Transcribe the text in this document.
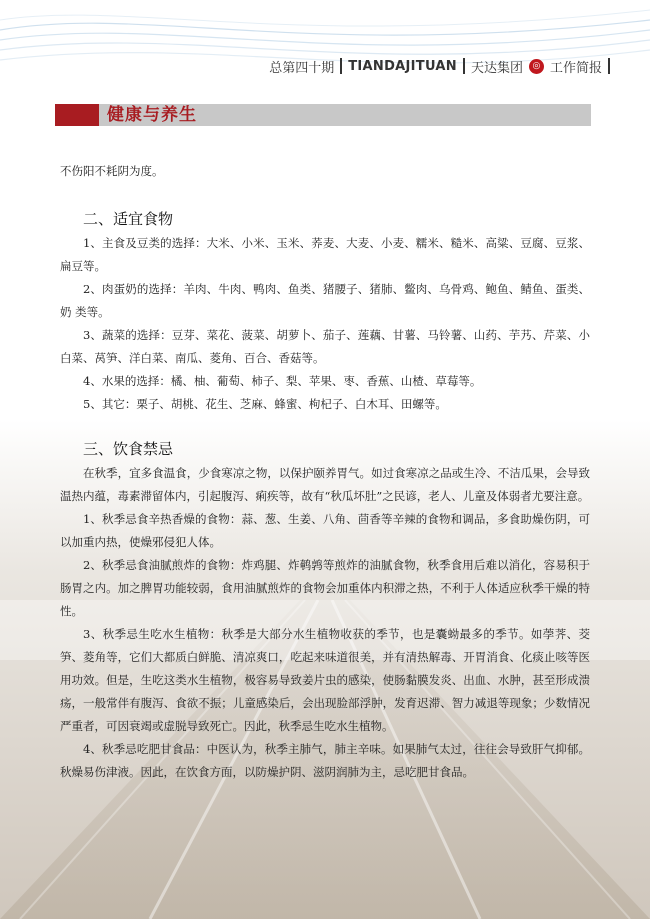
总第四十期 TIANDAJITUAN 天达集团	◎ 工作简报
健康与养生

不伤阳不耗阴为度。

二、适宜食物

1、主食及豆类的选择：大米、小米、玉米、荞麦、大麦、小麦、糯米、糙米、高粱、豆腐、豆浆、扁豆等。

2、肉蛋奶的选择：羊肉、牛肉、鸭肉、鱼类、猪腰子、猪肺、鳖肉、乌骨鸡、鲍鱼、鲭鱼、蛋类、奶 类等。

3、蔬菜的选择：豆芽、菜花、菠菜、胡萝卜、茄子、莲藕、甘薯、马铃薯、山药、芋艿、芹菜、小白菜、莴笋、洋白菜、南瓜、菱角、百合、香菇等。

4、水果的选择：橘、柚、葡萄、柿子、梨、苹果、枣、香蕉、山楂、草莓等。

5、其它：栗子、胡桃、花生、芝麻、蜂蜜、枸杞子、白木耳、田螺等。

三、饮食禁忌

在秋季，宜多食温食，少食寒凉之物，以保护颐养胃气。如过食寒凉之品或生冷、不洁瓜果，会导致温热内蕴，毒素滞留体内，引起腹泻、痢疾等，故有“秋瓜坏肚”之民谚，老人、儿童及体弱者尤要注意。

1、秋季忌食辛热香燥的食物：蒜、葱、生姜、八角、茴香等辛辣的食物和调品，多食助燥伤阴，可以加重内热，使燥邪侵犯人体。

2、秋季忌食油腻煎炸的食物：炸鸡腿、炸鹌鹑等煎炸的油腻食物，秋季食用后难以消化，容易积于肠胃之内。加之脾胃功能较弱，食用油腻煎炸的食物会加重体内积滞之热，不利于人体适应秋季干燥的特性。

3、秋季忌生吃水生植物：秋季是大部分水生植物收获的季节，也是囊蚴最多的季节。如荸荠、茭笋、菱角等，它们大都质白鲜脆、清凉爽口，吃起来味道很美，并有清热解毒、开胃消食、化痰止咳等医用功效。但是，生吃这类水生植物，极容易导致姜片虫的感染，使肠黏膜发炎、出血、水肿，甚至形成溃疡，一般常伴有腹泻、食欲不振；儿童感染后，会出现脸部浮肿，发育迟滞、智力减退等现象；少数情况严重者，可因衰竭或虚脱导致死亡。因此，秋季忌生吃水生植物。

4、秋季忌吃肥甘食品：中医认为，秋季主肺气，肺主辛味。如果肺气太过，往往会导致肝气抑郁。秋燥易伤津液。因此，在饮食方面，以防燥护阴、滋阴润肺为主，忌吃肥甘食品。
